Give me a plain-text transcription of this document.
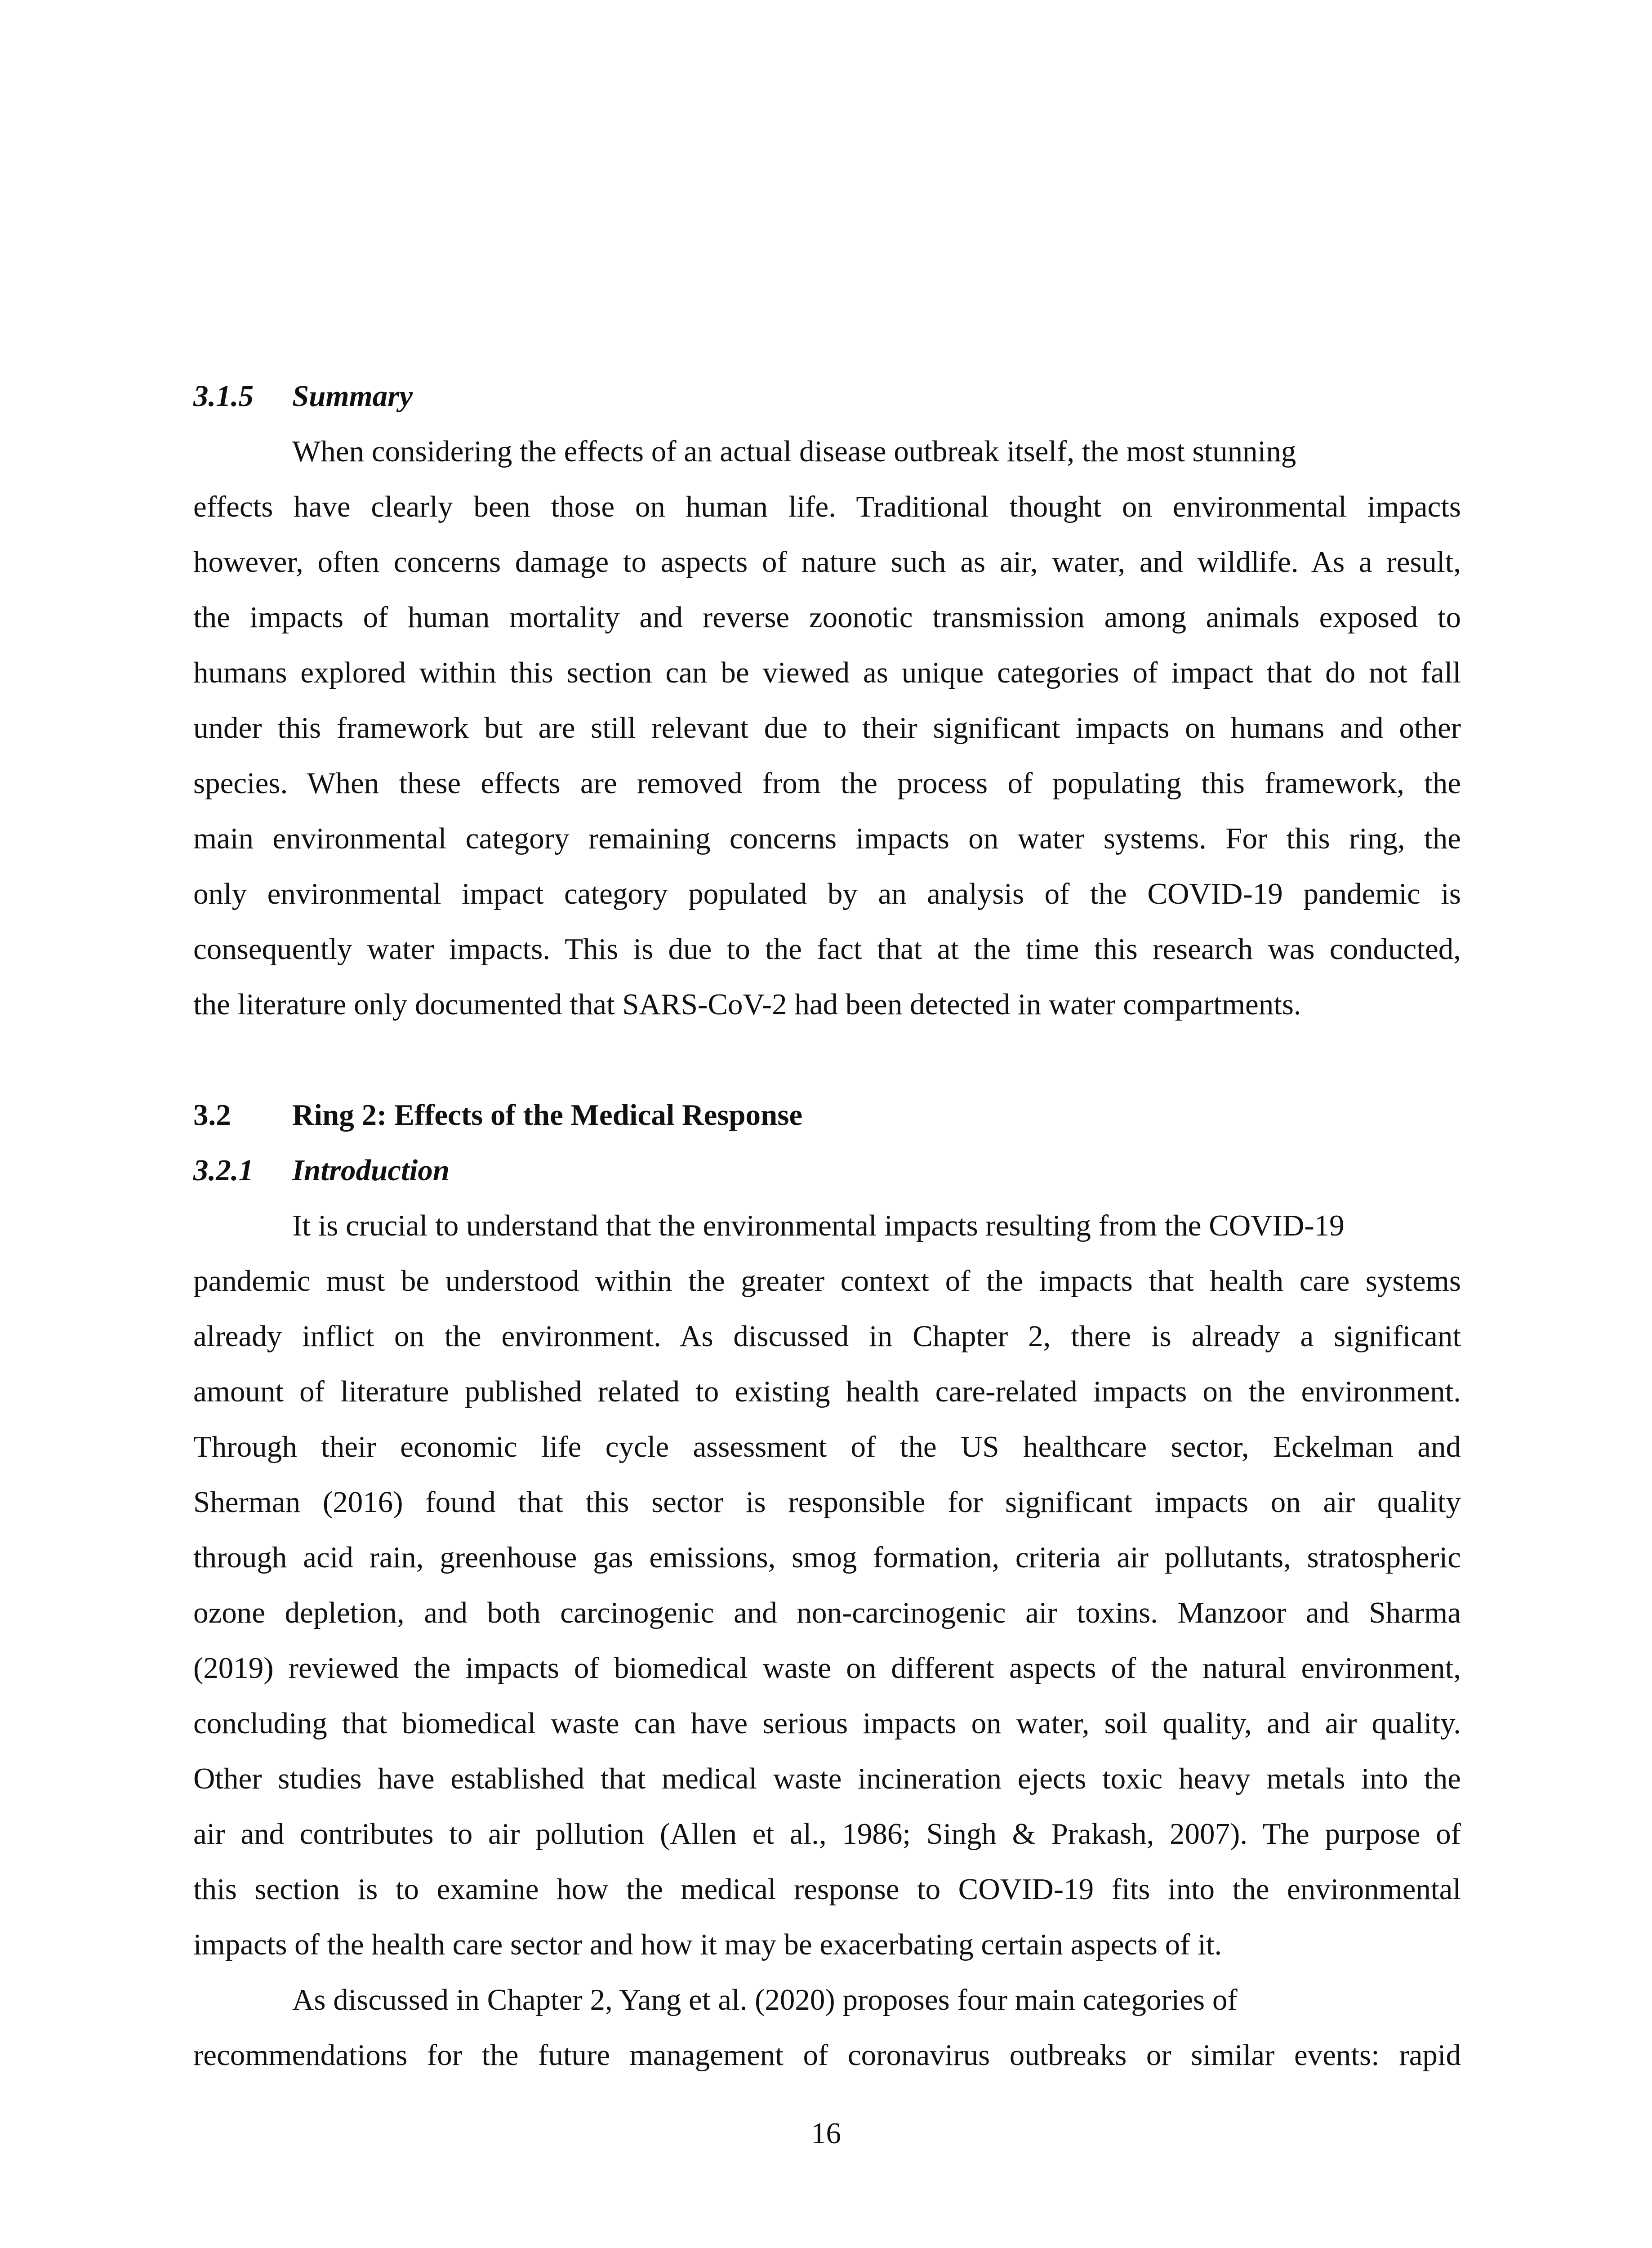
3.1.5 Summary
When considering the effects of an actual disease outbreak itself, the most stunning
effects have clearly been those on human life. Traditional thought on environmental impacts
however, often concerns damage to aspects of nature such as air, water, and wildlife. As a result,
the impacts of human mortality and reverse zoonotic transmission among animals exposed to
humans explored within this section can be viewed as unique categories of impact that do not fall
under this framework but are still relevant due to their significant impacts on humans and other
species. When these effects are removed from the process of populating this framework, the
main environmental category remaining concerns impacts on water systems. For this ring, the
only environmental impact category populated by an analysis of the COVID-19 pandemic is
consequently water impacts. This is due to the fact that at the time this research was conducted,
the literature only documented that SARS-CoV-2 had been detected in water compartments.
3.2 Ring 2: Effects of the Medical Response
3.2.1 Introduction
It is crucial to understand that the environmental impacts resulting from the COVID-19
pandemic must be understood within the greater context of the impacts that health care systems
already inflict on the environment. As discussed in Chapter 2, there is already a significant
amount of literature published related to existing health care-related impacts on the environment.
Through their economic life cycle assessment of the US healthcare sector, Eckelman and
Sherman (2016) found that this sector is responsible for significant impacts on air quality
through acid rain, greenhouse gas emissions, smog formation, criteria air pollutants, stratospheric
ozone depletion, and both carcinogenic and non-carcinogenic air toxins. Manzoor and Sharma
(2019) reviewed the impacts of biomedical waste on different aspects of the natural environment,
concluding that biomedical waste can have serious impacts on water, soil quality, and air quality.
Other studies have established that medical waste incineration ejects toxic heavy metals into the
air and contributes to air pollution (Allen et al., 1986; Singh & Prakash, 2007). The purpose of
this section is to examine how the medical response to COVID-19 fits into the environmental
impacts of the health care sector and how it may be exacerbating certain aspects of it.
As discussed in Chapter 2, Yang et al. (2020) proposes four main categories of
recommendations for the future management of coronavirus outbreaks or similar events: rapid
16
